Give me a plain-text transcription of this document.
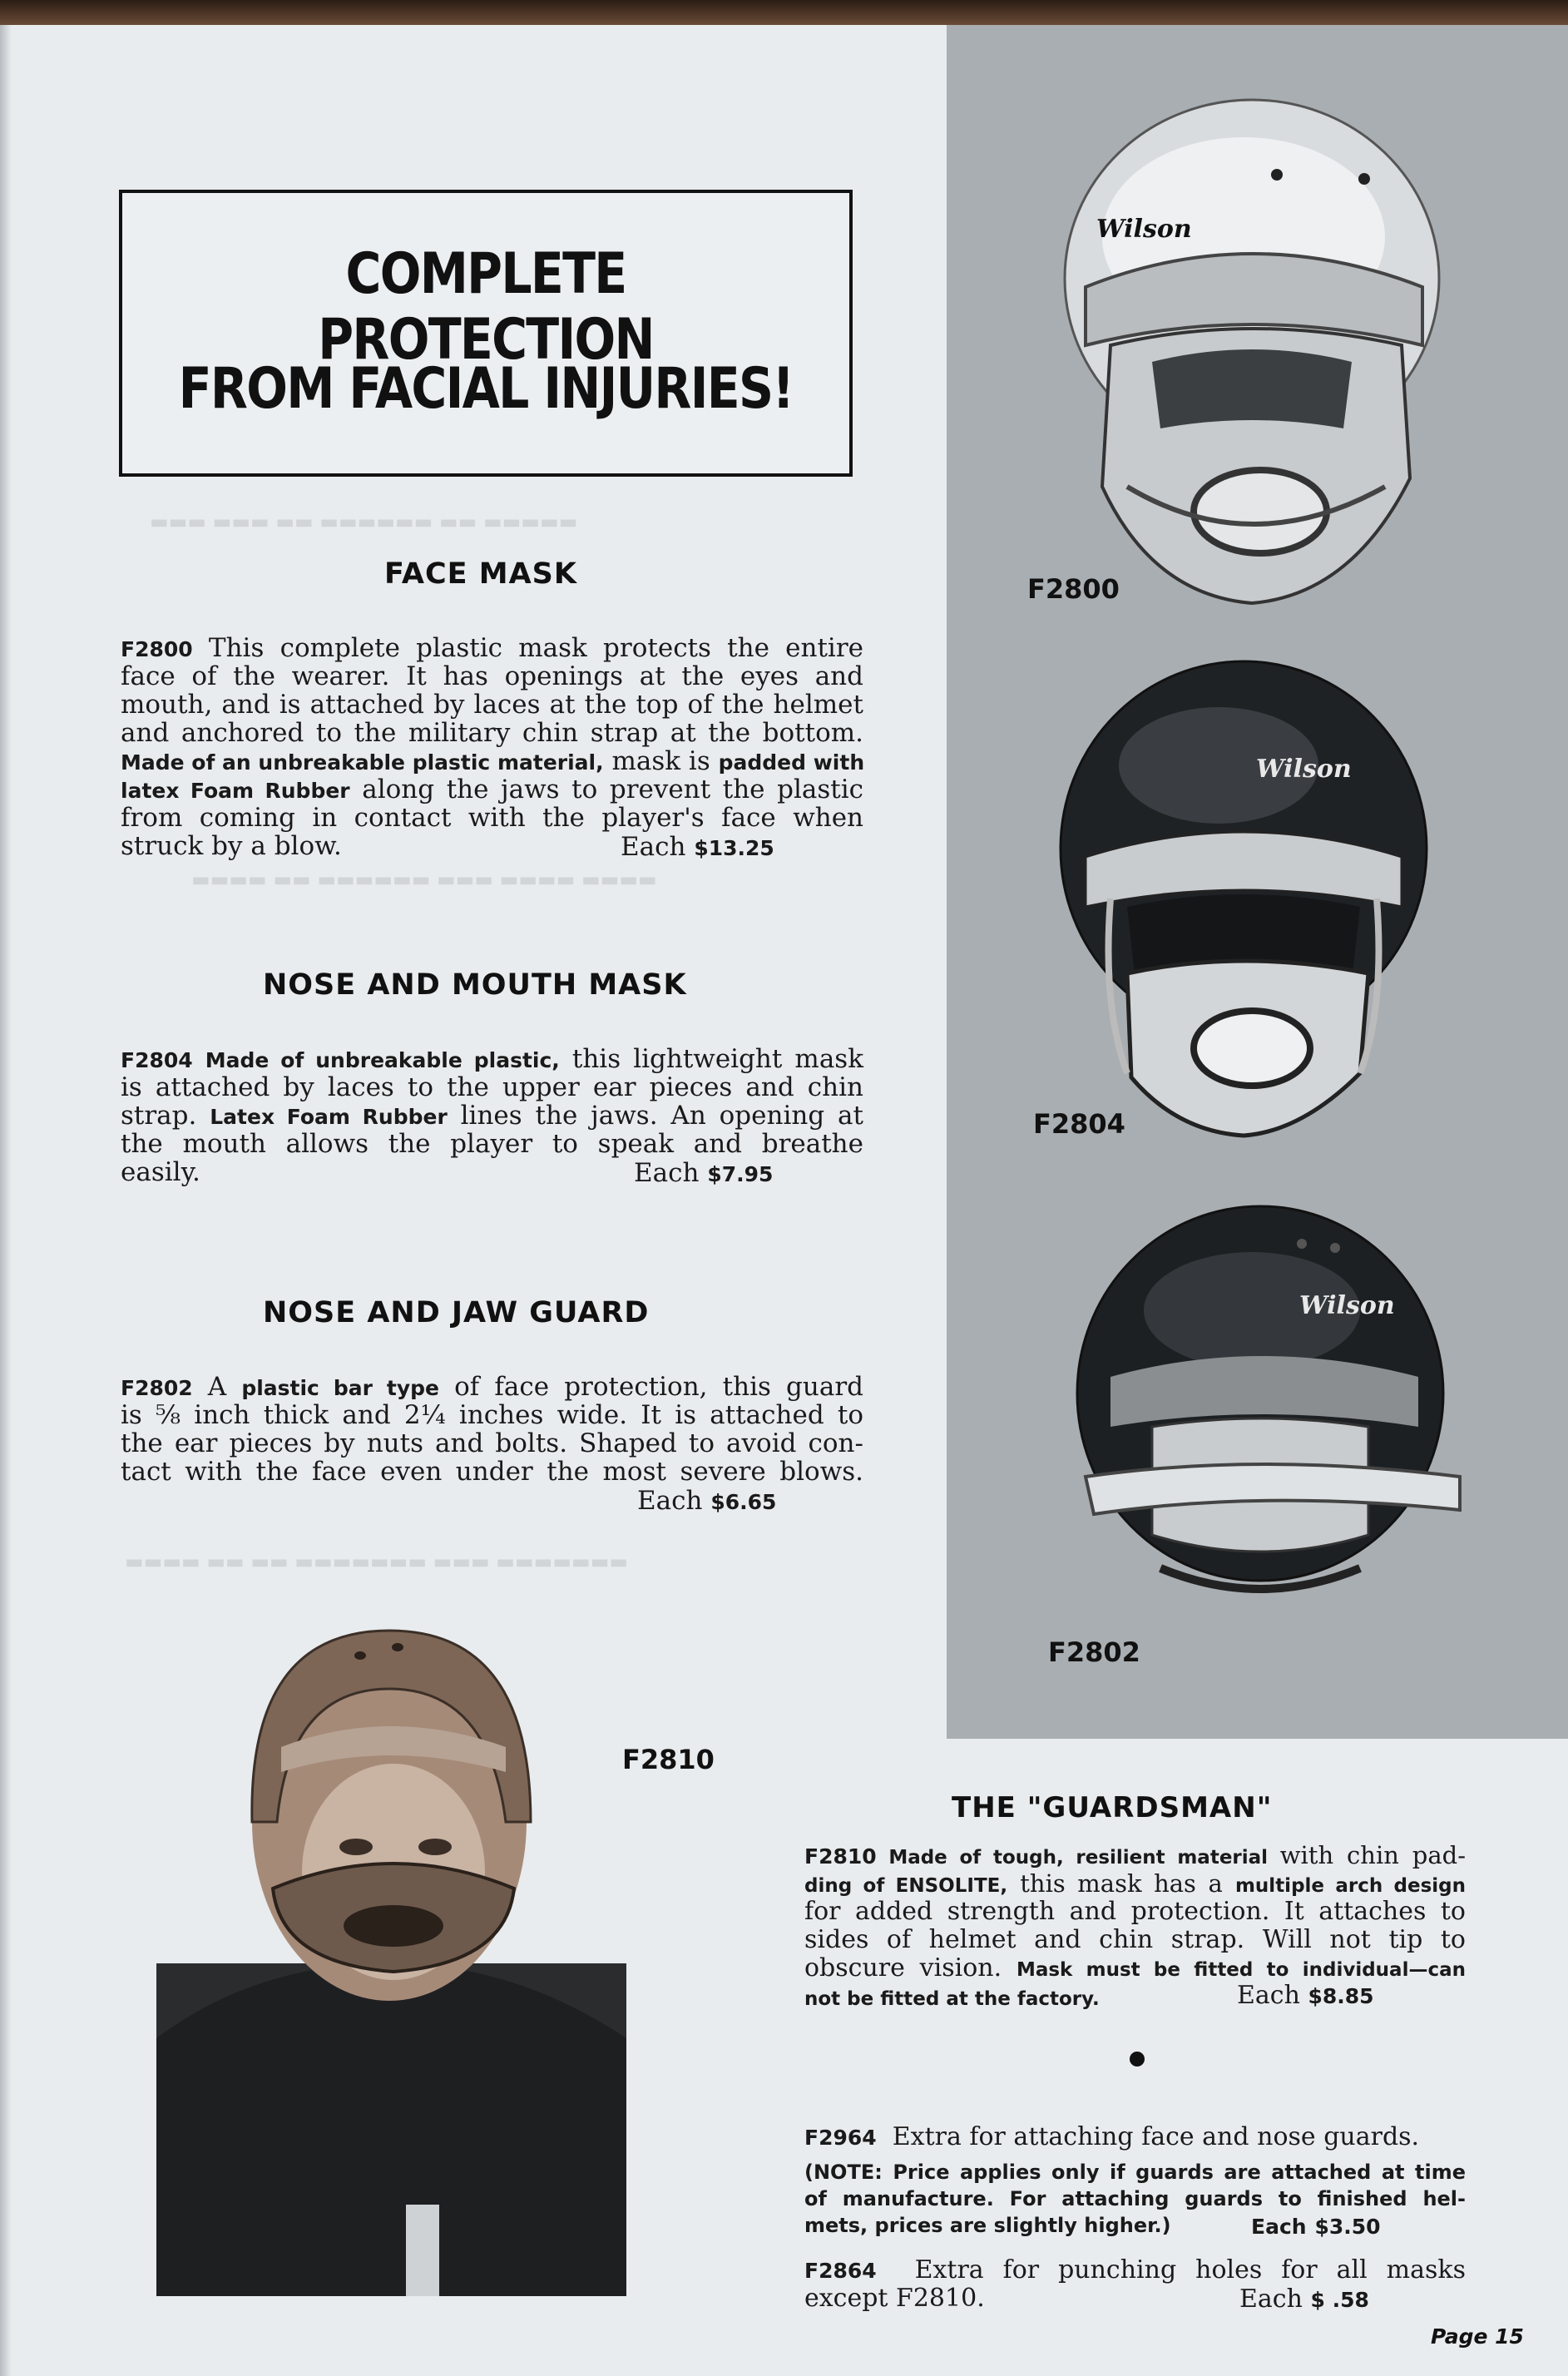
▬▬▬ ▬▬▬ ▬▬ ▬▬▬▬▬▬ ▬▬ ▬▬▬▬▬
▬▬▬▬ ▬▬ ▬▬▬▬▬▬ ▬▬▬ ▬▬▬▬ ▬▬▬▬
▬▬▬▬ ▬▬ ▬▬ ▬▬▬▬▬▬▬ ▬▬▬ ▬▬▬▬▬▬▬
COMPLETE PROTECTION
FROM FACIAL INJURIES!
FACE MASK
F2800 This complete plastic mask protects the entire
face of the wearer. It has openings at the eyes and
mouth, and is attached by laces at the top of the helmet
and anchored to the military chin strap at the bottom.
Made of an unbreakable plastic material, mask is padded with
latex Foam Rubber along the jaws to prevent the plastic
from coming in contact with the player's face when
struck by a blow.	Each $13.25
NOSE AND MOUTH MASK
F2804 Made of unbreakable plastic, this lightweight mask
is attached by laces to the upper ear pieces and chin
strap. Latex Foam Rubber lines the jaws. An opening at
the mouth allows the player to speak and breathe
easily.	Each $7.95
NOSE AND JAW GUARD
F2802 A plastic bar type of face protection, this guard
is ⅝ inch thick and 2¼ inches wide. It is attached to
the ear pieces by nuts and bolts. Shaped to avoid con-
tact with the face even under the most severe blows.
Each $6.65
Wilson
F2800
Wilson
F2804
Wilson
F2802
F2810
THE "GUARDSMAN"
F2810 Made of tough, resilient material with chin pad-
ding of ENSOLITE, this mask has a multiple arch design
for added strength and protection. It attaches to
sides of helmet and chin strap. Will not tip to
obscure vision. Mask must be fitted to individual—can
not be fitted at the factory.	Each $8.85
F2964 Extra for attaching face and nose guards.
(NOTE: Price applies only if guards are attached at time
of manufacture. For attaching guards to finished hel-
mets, prices are slightly higher.)	Each $3.50
F2864 Extra for punching holes for all masks
except F2810.	Each $ .58
Page 15
